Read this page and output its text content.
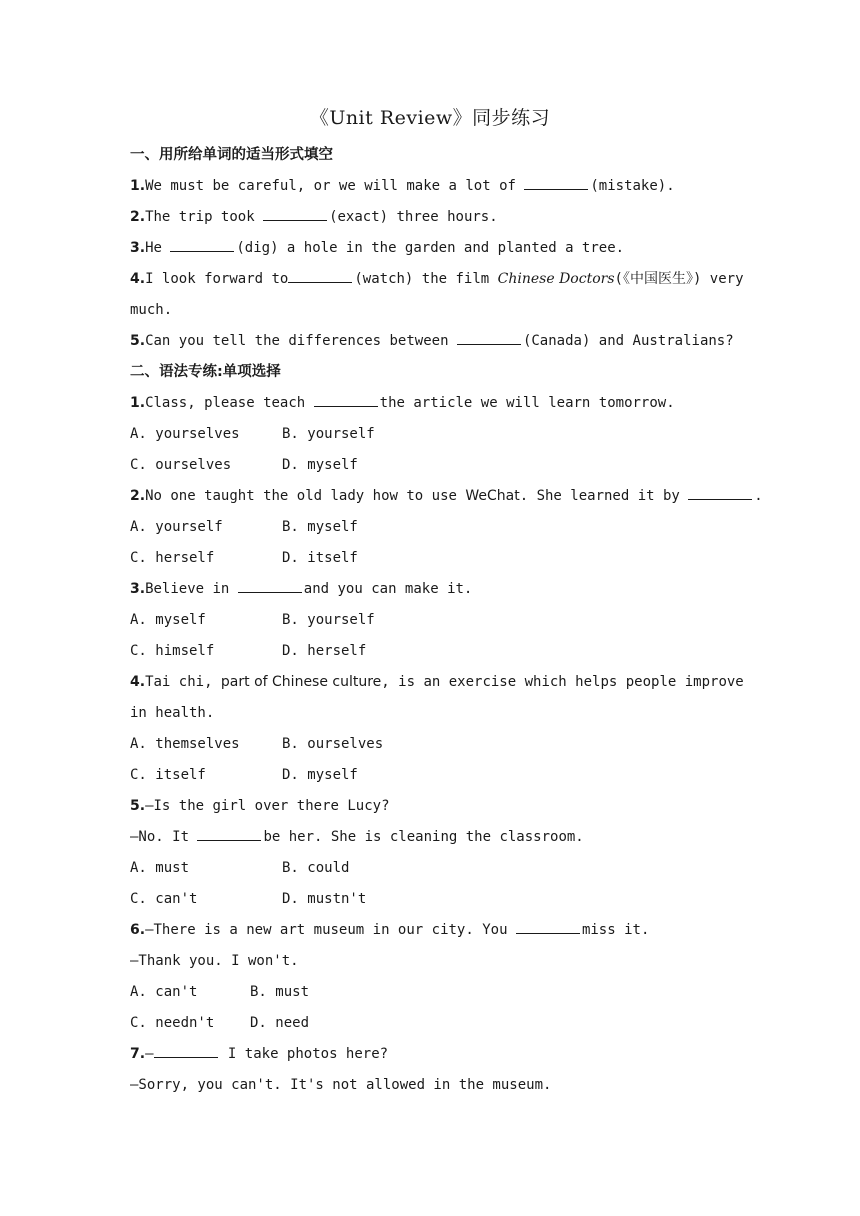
《Unit Review》同步练习
一、用所给单词的适当形式填空
1.We must be careful, or we will make a lot of	(mistake).
2.The trip took	(exact) three hours.
3.He	(dig) a hole in the garden and planted a tree.
4.I look forward to	(watch) the film Chinese Doctors(《中国医生》) very
much.
5.Can you tell the differences between	(Canada) and Australians?
二、语法专练:单项选择
1.Class, please teach	the article we will learn tomorrow.
A. yourselves	B. yourself
C. ourselves	D. myself
2.No one taught the old lady how to use WeChat. She learned it by	.
A. yourself	B. myself
C. herself	D. itself
3.Believe in	and you can make it.
A. myself	B. yourself
C. himself	D. herself
4.Tai chi, part of Chinese culture, is an exercise which helps people improve
in health.
A. themselves	B. ourselves
C. itself	D. myself
5.—Is the girl over there Lucy?
—No. It	be her. She is cleaning the classroom.
A. must	B. could
C. can't	D. mustn't
6.—There is a new art museum in our city. You	miss it.
—Thank you. I won't.
A. can't	B. must
C. needn't	D. need
7.—	I take photos here?
—Sorry, you can't. It's not allowed in the museum.
